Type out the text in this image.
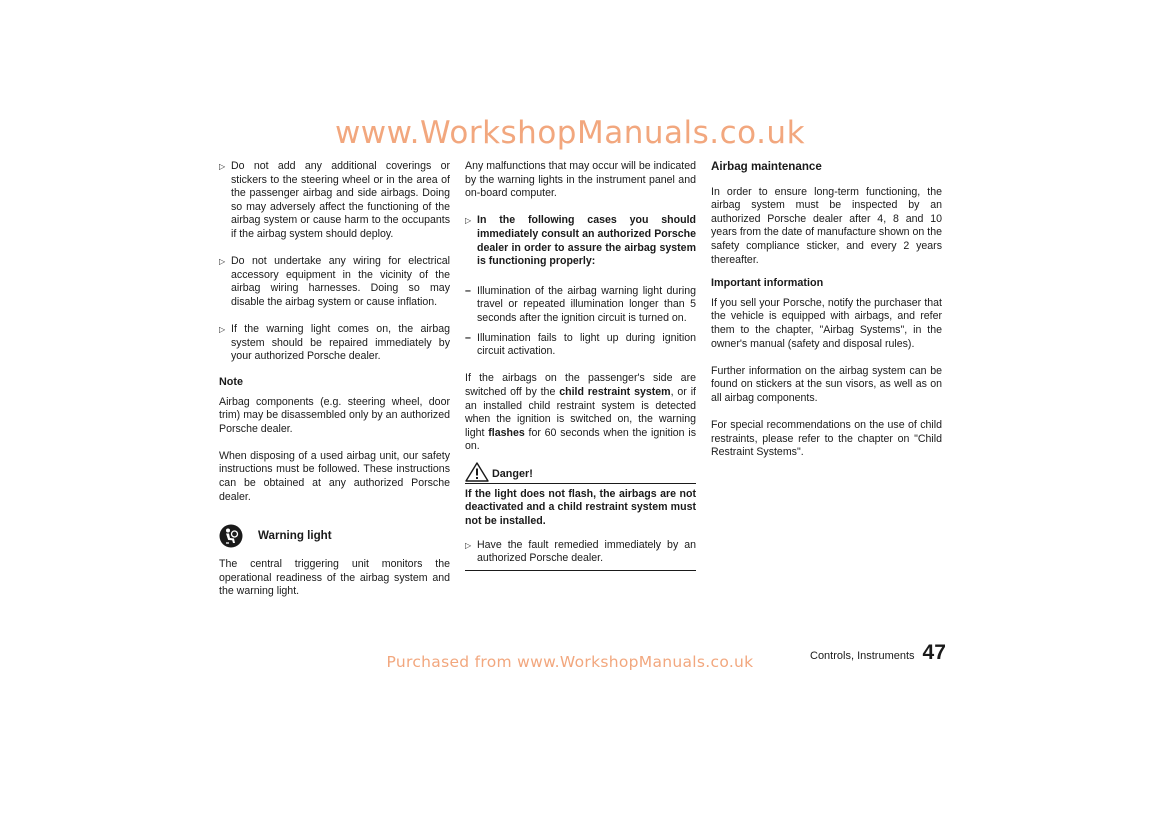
www.WorkshopManuals.co.uk
▷ Do not add any additional coverings or stickers to the steering wheel or in the area of the passenger airbag and side airbags. Doing so may adversely affect the functioning of the airbag system or cause harm to the occupants if the airbag system should deploy.
▷ Do not undertake any wiring for electrical accessory equipment in the vicinity of the airbag wiring harnesses. Doing so may disable the airbag system or cause inflation.
▷ If the warning light comes on, the airbag system should be repaired immediately by your authorized Porsche dealer.
Note

Airbag components (e.g. steering wheel, door trim) may be disassembled only by an authorized Porsche dealer.

When disposing of a used airbag unit, our safety instructions must be followed. These instructions can be obtained at any authorized Porsche dealer.

Warning light

The central triggering unit monitors the operational readiness of the airbag system and the warning light.

Any malfunctions that may occur will be indicated by the warning lights in the instrument panel and on-board computer.

▷ In the following cases you should immediately consult an authorized Porsche dealer in order to assure the airbag system is functioning properly:
– Illumination of the airbag warning light during travel or repeated illumination longer than 5 seconds after the ignition circuit is turned on.
– Illumination fails to light up during ignition circuit activation.

If the airbags on the passenger's side are switched off by the child restraint system, or if an installed child restraint system is detected when the ignition is switched on, the warning light flashes for 60 seconds when the ignition is on.

Danger!

If the light does not flash, the airbags are not deactivated and a child restraint system must not be installed.

▷ Have the fault remedied immediately by an authorized Porsche dealer.
Airbag maintenance

In order to ensure long-term functioning, the airbag system must be inspected by an authorized Porsche dealer after 4, 8 and 10 years from the date of manufacture shown on the safety compliance sticker, and every 2 years thereafter.

Important information

If you sell your Porsche, notify the purchaser that the vehicle is equipped with airbags, and refer them to the chapter, "Airbag Systems", in the owner's manual (safety and disposal rules).

Further information on the airbag system can be found on stickers at the sun visors, as well as on all airbag components.

For special recommendations on the use of child restraints, please refer to the chapter on "Child Restraint Systems".

Purchased from www.WorkshopManuals.co.uk	Controls, Instruments 47
